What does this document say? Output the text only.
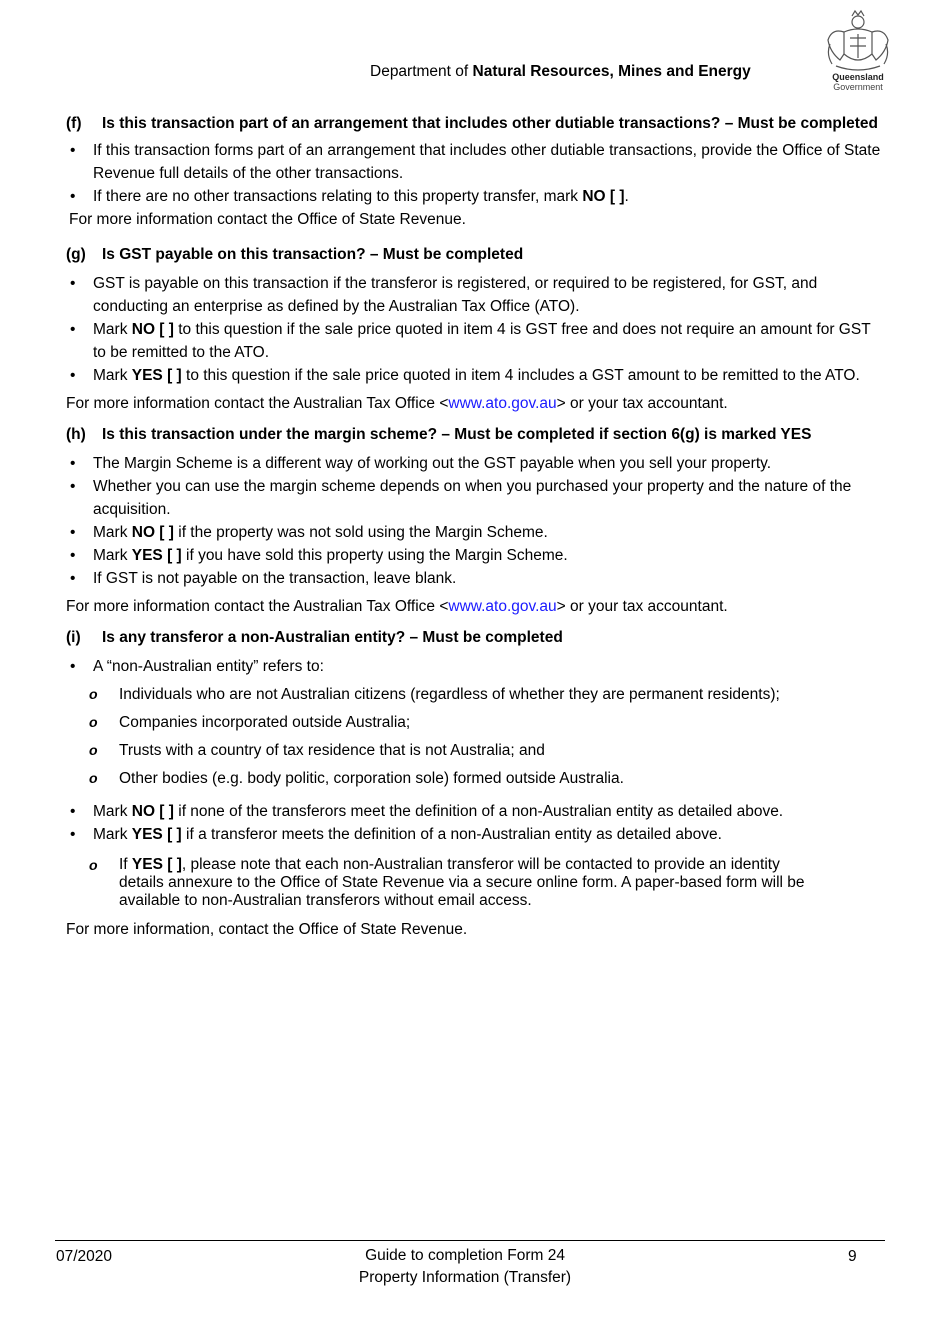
Department of Natural Resources, Mines and Energy	Queensland
Government
(f)	Is this transaction part of an arrangement that includes other dutiable transactions? – Must be completed
• If this transaction forms part of an arrangement that includes other dutiable transactions, provide the Office of State Revenue full details of the other transactions.
• If there are no other transactions relating to this property transfer, mark NO [ ].
For more information contact the Office of State Revenue.
(g)	Is GST payable on this transaction? – Must be completed
• GST is payable on this transaction if the transferor is registered, or required to be registered, for GST, and conducting an enterprise as defined by the Australian Tax Office (ATO).
• Mark NO [ ] to this question if the sale price quoted in item 4 is GST free and does not require an amount for GST to be remitted to the ATO.
• Mark YES [ ] to this question if the sale price quoted in item 4 includes a GST amount to be remitted to the ATO.
For more information contact the Australian Tax Office <www.ato.gov.au> or your tax accountant.
(h)	Is this transaction under the margin scheme? – Must be completed if section 6(g) is marked YES
• The Margin Scheme is a different way of working out the GST payable when you sell your property.
• Whether you can use the margin scheme depends on when you purchased your property and the nature of the acquisition.
• Mark NO [ ] if the property was not sold using the Margin Scheme.
• Mark YES [ ] if you have sold this property using the Margin Scheme.
• If GST is not payable on the transaction, leave blank.
For more information contact the Australian Tax Office <www.ato.gov.au> or your tax accountant.
(i)	Is any transferor a non-Australian entity? – Must be completed
• A “non-Australian entity” refers to:
o Individuals who are not Australian citizens (regardless of whether they are permanent residents);
o Companies incorporated outside Australia;
o Trusts with a country of tax residence that is not Australia; and
o Other bodies (e.g. body politic, corporation sole) formed outside Australia.
• Mark NO [ ] if none of the transferors meet the definition of a non-Australian entity as detailed above.
• Mark YES [ ] if a transferor meets the definition of a non-Australian entity as detailed above.
o If YES [ ], please note that each non-Australian transferor will be contacted to provide an identity details annexure to the Office of State Revenue via a secure online form. A paper-based form will be available to non-Australian transferors without email access.
For more information, contact the Office of State Revenue.
07/2020	Guide to completion Form 24
Property Information (Transfer)
9
